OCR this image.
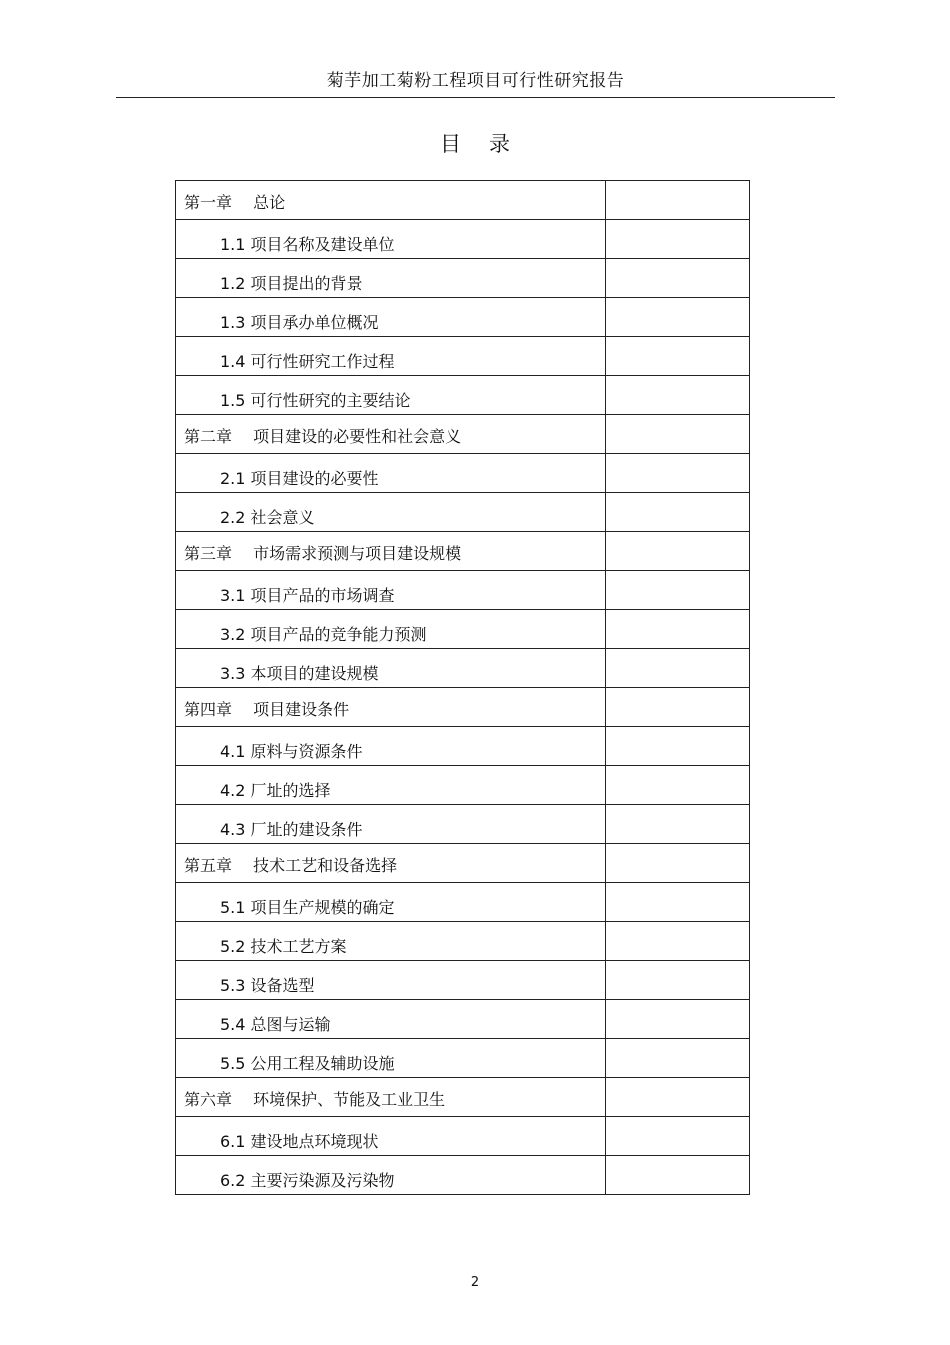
菊芋加工菊粉工程项目可行性研究报告
目录
第一章　 总论	
1.1 项目名称及建设单位	
1.2 项目提出的背景	
1.3 项目承办单位概况	
1.4 可行性研究工作过程	
1.5 可行性研究的主要结论	
第二章　 项目建设的必要性和社会意义	
2.1 项目建设的必要性	
2.2 社会意义	
第三章　 市场需求预测与项目建设规模	
3.1 项目产品的市场调查	
3.2 项目产品的竞争能力预测	
3.3 本项目的建设规模	
第四章　 项目建设条件	
4.1 原料与资源条件	
4.2 厂址的选择	
4.3 厂址的建设条件	
第五章　 技术工艺和设备选择	
5.1 项目生产规模的确定	
5.2 技术工艺方案	
5.3 设备选型	
5.4 总图与运输	
5.5 公用工程及辅助设施	
第六章　 环境保护、节能及工业卫生	
6.1 建设地点环境现状	
6.2 主要污染源及污染物	
2
